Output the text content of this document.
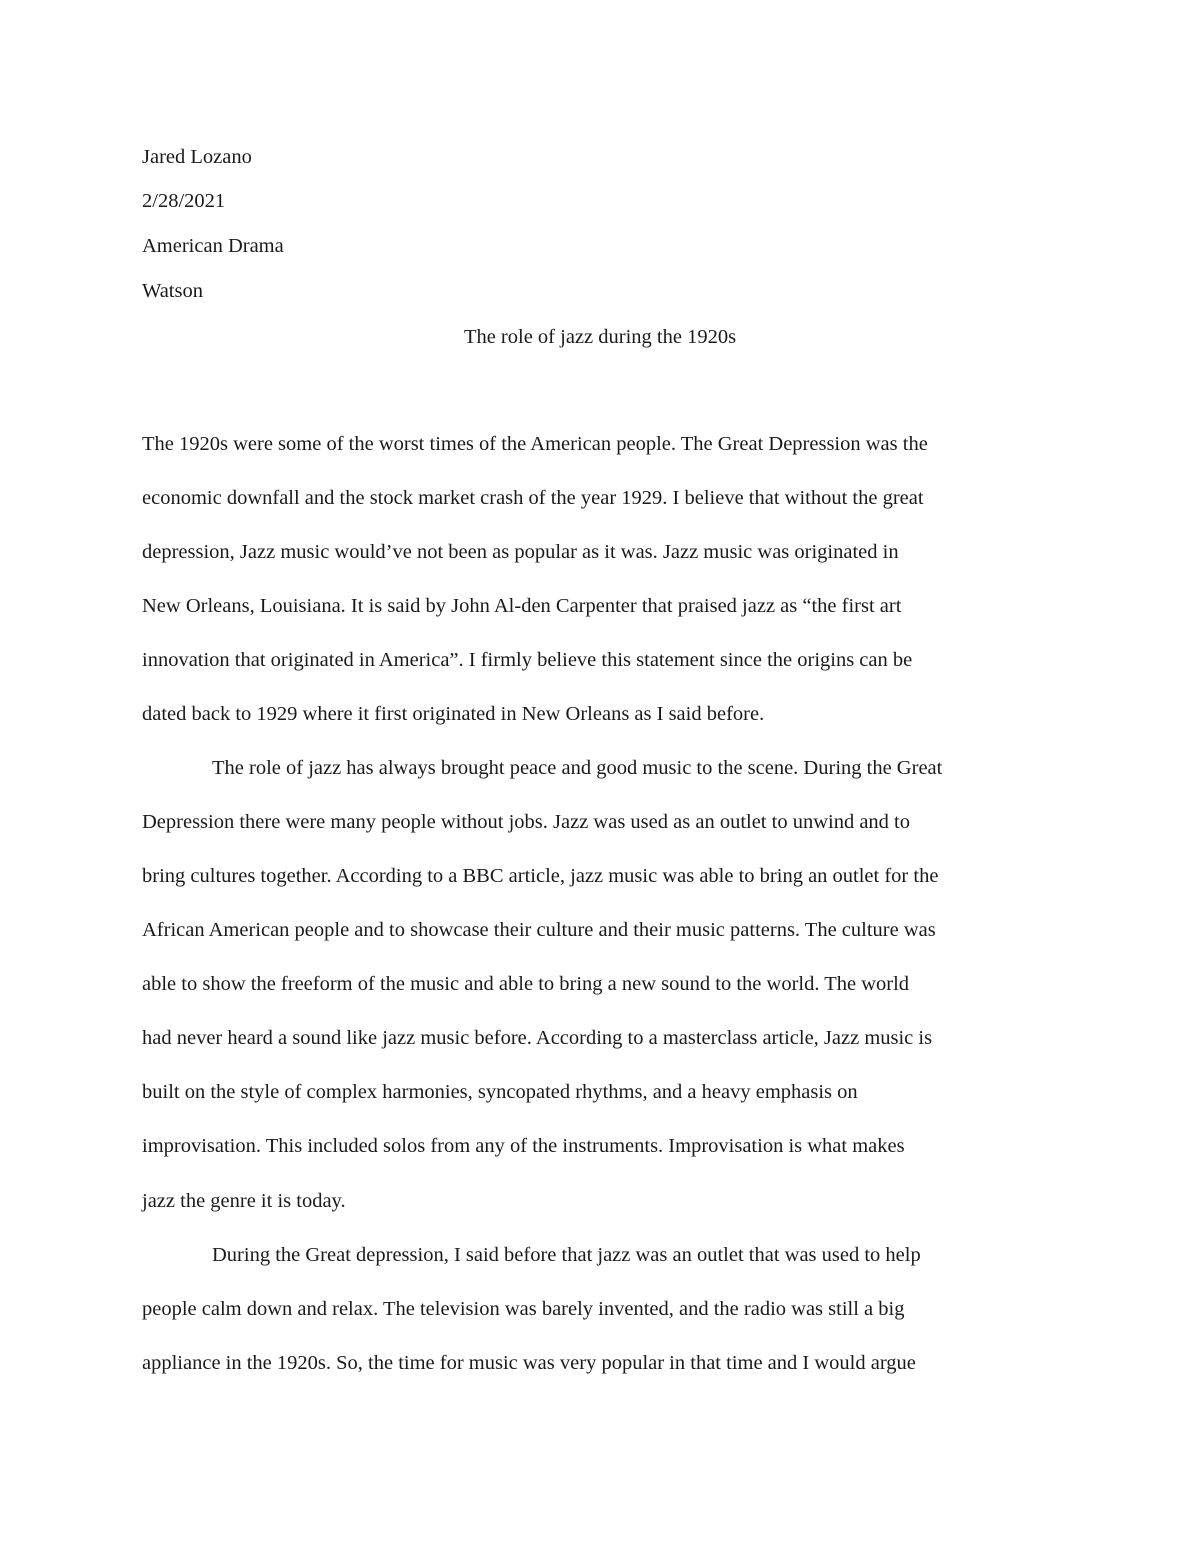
Jared Lozano
2/28/2021
American Drama
Watson
The role of jazz during the 1920s
The 1920s were some of the worst times of the American people. The Great Depression was the
economic downfall and the stock market crash of the year 1929. I believe that without the great
depression, Jazz music would’ve not been as popular as it was. Jazz music was originated in
New Orleans, Louisiana. It is said by John Al-den Carpenter that praised jazz as “the first art
innovation that originated in America”. I firmly believe this statement since the origins can be
dated back to 1929 where it first originated in New Orleans as I said before.
The role of jazz has always brought peace and good music to the scene. During the Great
Depression there were many people without jobs. Jazz was used as an outlet to unwind and to
bring cultures together. According to a BBC article, jazz music was able to bring an outlet for the
African American people and to showcase their culture and their music patterns. The culture was
able to show the freeform of the music and able to bring a new sound to the world. The world
had never heard a sound like jazz music before. According to a masterclass article, Jazz music is
built on the style of complex harmonies, syncopated rhythms, and a heavy emphasis on
improvisation. This included solos from any of the instruments. Improvisation is what makes
jazz the genre it is today.
During the Great depression, I said before that jazz was an outlet that was used to help
people calm down and relax. The television was barely invented, and the radio was still a big
appliance in the 1920s. So, the time for music was very popular in that time and I would argue
